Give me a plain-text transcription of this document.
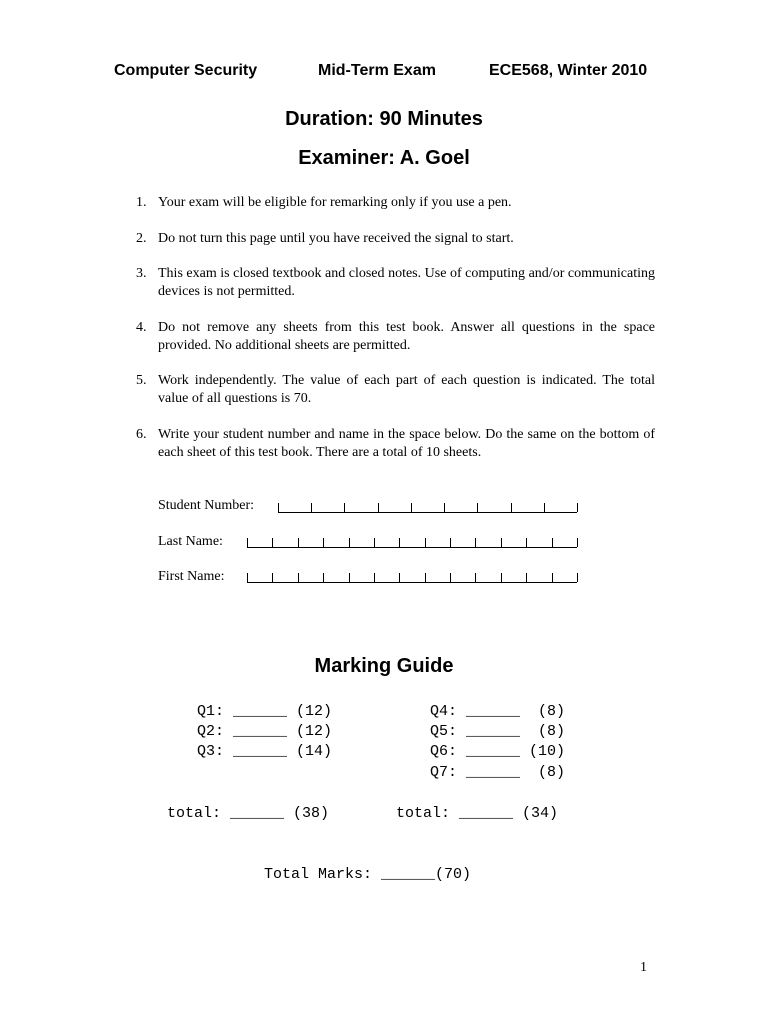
Computer Security	Mid-Term Exam	ECE568, Winter 2010
Duration: 90 Minutes
Examiner: A. Goel
1. Your exam will be eligible for remarking only if you use a pen.
2. Do not turn this page until you have received the signal to start.
3. This exam is closed textbook and closed notes. Use of computing and/or communicating devices is not permitted.
4. Do not remove any sheets from this test book. Answer all questions in the space provided. No additional sheets are permitted.
5. Work independently. The value of each part of each question is indicated. The total value of all questions is 70.
6. Write your student number and name in the space below. Do the same on the bottom of each sheet of this test book. There are a total of 10 sheets.
Student Number:
Last Name:
First Name:
Marking Guide
Q1: ______ (12)
Q2: ______ (12)
Q3: ______ (14)
Q4: ______  (8)
Q5: ______  (8)
Q6: ______ (10)
Q7: ______  (8)
total: ______ (38)	total: ______ (34)
Total Marks: ______(70)
1
